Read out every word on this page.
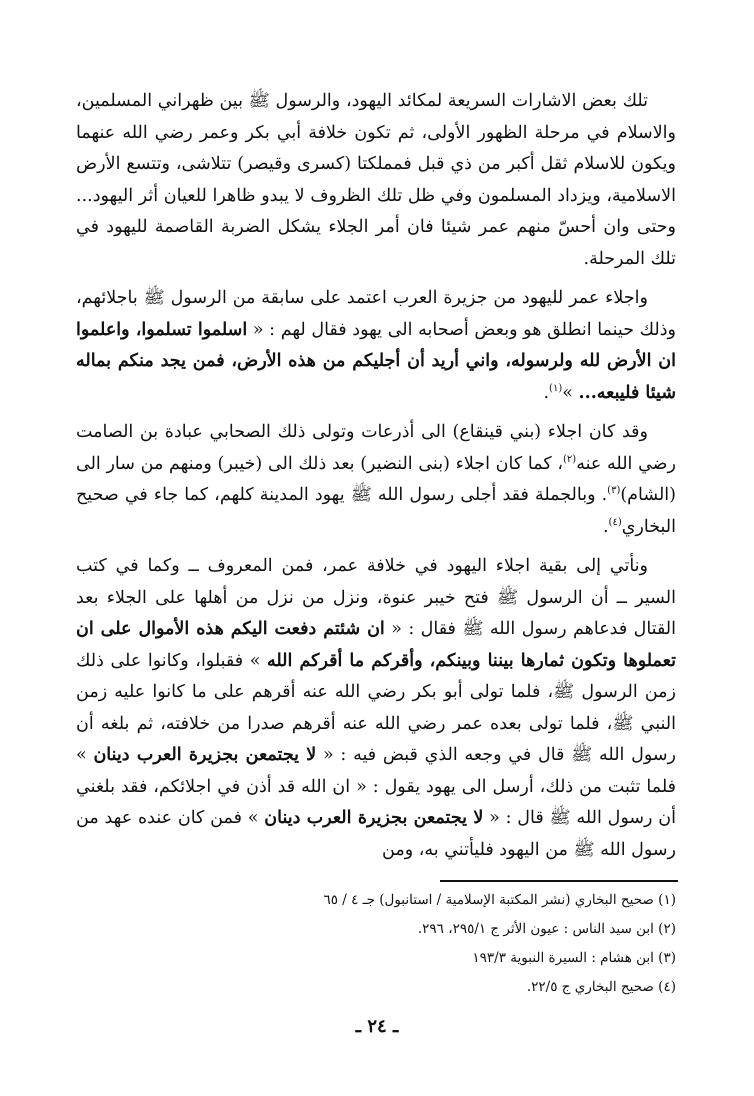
تلك بعض الاشارات السريعة لمكائد اليهود، والرسول ﷺ بين ظهراني المسلمين، والاسلام في مرحلة الظهور الأولى، ثم تكون خلافة أبي بكر وعمر رضي الله عنهما ويكون للاسلام ثقل أكبر من ذي قبل فمملكتا (كسرى وقيصر) تتلاشى، وتتسع الأرض الاسلامية، ويزداد المسلمون وفي ظل تلك الظروف لا يبدو ظاهرا للعيان أثر اليهود... وحتى وان أحسّ منهم عمر شيئا فان أمر الجلاء يشكل الضربة القاصمة لليهود في تلك المرحلة.

واجلاء عمر لليهود من جزيرة العرب اعتمد على سابقة من الرسول ﷺ باجلائهم، وذلك حينما انطلق هو وبعض أصحابه الى يهود فقال لهم : « اسلموا تسلموا، واعلموا ان الأرض لله ولرسوله، واني أريد أن أجليكم من هذه الأرض، فمن يجد منكم بماله شيئا فليبعه... »$^{(١)}$.

وقد كان اجلاء (بني قينقاع) الى أذرعات وتولى ذلك الصحابي عبادة بن الصامت رضي الله عنه$^{(٢)}$، كما كان اجلاء (بنى النضير) بعد ذلك الى (خيبر) ومنهم من سار الى (الشام)$^{(٣)}$. وبالجملة فقد أجلى رسول الله ﷺ يهود المدينة كلهم، كما جاء في صحيح البخاري$^{(٤)}$.

ونأتي إلى بقية اجلاء اليهود في خلافة عمر، فمن المعروف ــ وكما في كتب السير ــ أن الرسول ﷺ فتح خيبر عنوة، ونزل من نزل من أهلها على الجلاء بعد القتال فدعاهم رسول الله ﷺ فقال : « ان شئتم دفعت اليكم هذه الأموال على ان تعملوها وتكون ثمارها بيننا وبينكم، وأقركم ما أقركم الله » فقبلوا، وكانوا على ذلك زمن الرسول ﷺ، فلما تولى أبو بكر رضي الله عنه أقرهم على ما كانوا عليه زمن النبي ﷺ، فلما تولى بعده عمر رضي الله عنه أقرهم صدرا من خلافته، ثم بلغه أن رسول الله ﷺ قال في وجعه الذي قبض فيه : « لا يجتمعن بجزيرة العرب دينان » فلما تثبت من ذلك، أرسل الى يهود يقول : « ان الله قد أذن في اجلائكم، فقد بلغني أن رسول الله ﷺ قال : « لا يجتمعن بجزيرة العرب دينان » فمن كان عنده عهد من رسول الله ﷺ من اليهود فليأتني به، ومن

(١) صحيح البخاري (نشر المكتبة الإسلامية / استانبول) جـ ٤ / ٦٥
(٢) ابن سيد الناس : عيون الأثر ج ٢٩٥/١، ٢٩٦.
(٣) ابن هشام : السيرة النبوية ١٩٣/٣
(٤) صحيح البخاري ج ٢٢/٥.
ـ ٢٤ ـ
